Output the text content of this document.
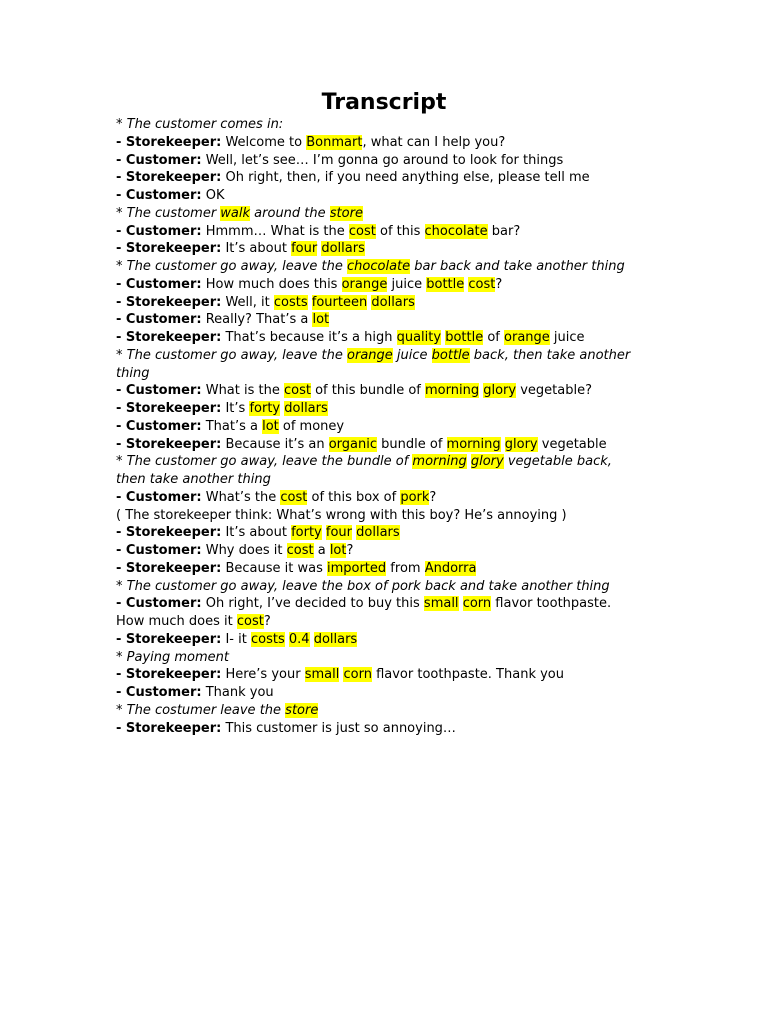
Transcript

* The customer comes in:

- Storekeeper: Welcome to Bonmart, what can I help you?

- Customer: Well, let’s see… I’m gonna go around to look for things

- Storekeeper: Oh right, then, if you need anything else, please tell me

- Customer: OK

* The customer walk around the store

- Customer: Hmmm… What is the cost of this chocolate bar?

- Storekeeper: It’s about four dollars

* The customer go away, leave the chocolate bar back and take another thing

- Customer: How much does this orange juice bottle cost?

- Storekeeper: Well, it costs fourteen dollars

- Customer: Really? That’s a lot

- Storekeeper: That’s because it’s a high quality bottle of orange juice

* The customer go away, leave the orange juice bottle back, then take another thing

- Customer: What is the cost of this bundle of morning glory vegetable?

- Storekeeper: It’s forty dollars

- Customer: That’s a lot of money

- Storekeeper: Because it’s an organic bundle of morning glory vegetable

* The customer go away, leave the bundle of morning glory vegetable back, then take another thing

- Customer: What’s the cost of this box of pork?

( The storekeeper think: What’s wrong with this boy? He’s annoying )

- Storekeeper: It’s about forty four dollars

- Customer: Why does it cost a lot?

- Storekeeper: Because it was imported from Andorra

* The customer go away, leave the box of pork back and take another thing

- Customer: Oh right, I’ve decided to buy this small corn flavor toothpaste. How much does it cost?

- Storekeeper: I- it costs 0.4 dollars

* Paying moment

- Storekeeper: Here’s your small corn flavor toothpaste. Thank you

- Customer: Thank you

* The costumer leave the store

- Storekeeper: This customer is just so annoying…
